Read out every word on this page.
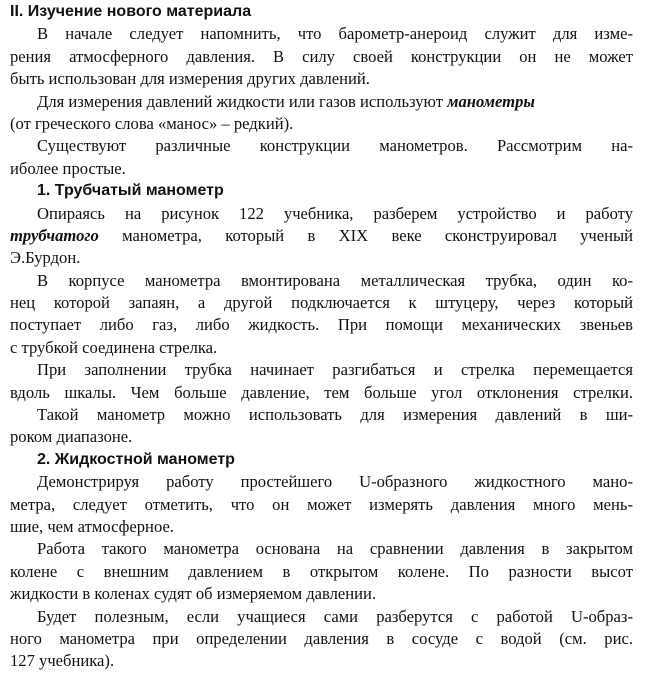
II. Изучение нового материала
В начале следует напомнить, что барометр-анероид служит для изме-
рения атмосферного давления. В силу своей конструкции он не может
быть использован для измерения других давлений.
Для измерения давлений жидкости или газов используют манометры
(от греческого слова «манос» – редкий).
Существуют различные конструкции манометров. Рассмотрим на-
иболее простые.
1. Трубчатый манометр
Опираясь на рисунок 122 учебника, разберем устройство и работу
трубчатого манометра, который в XIX веке сконструировал ученый
Э.Бурдон.
В корпусе манометра вмонтирована металлическая трубка, один ко-
нец которой запаян, а другой подключается к штуцеру, через который
поступает либо газ, либо жидкость. При помощи механических звеньев
с трубкой соединена стрелка.
При заполнении трубка начинает разгибаться и стрелка перемещается
вдоль шкалы. Чем больше давление, тем больше угол отклонения стрелки.
Такой манометр можно использовать для измерения давлений в ши-
роком диапазоне.
2. Жидкостной манометр
Демонстрируя работу простейшего U-образного жидкостного мано-
метра, следует отметить, что он может измерять давления много мень-
шие, чем атмосферное.
Работа такого манометра основана на сравнении давления в закрытом
колене с внешним давлением в открытом колене. По разности высот
жидкости в коленах судят об измеряемом давлении.
Будет полезным, если учащиеся сами разберутся с работой U-образ-
ного манометра при определении давления в сосуде с водой (см. рис.
127 учебника).
